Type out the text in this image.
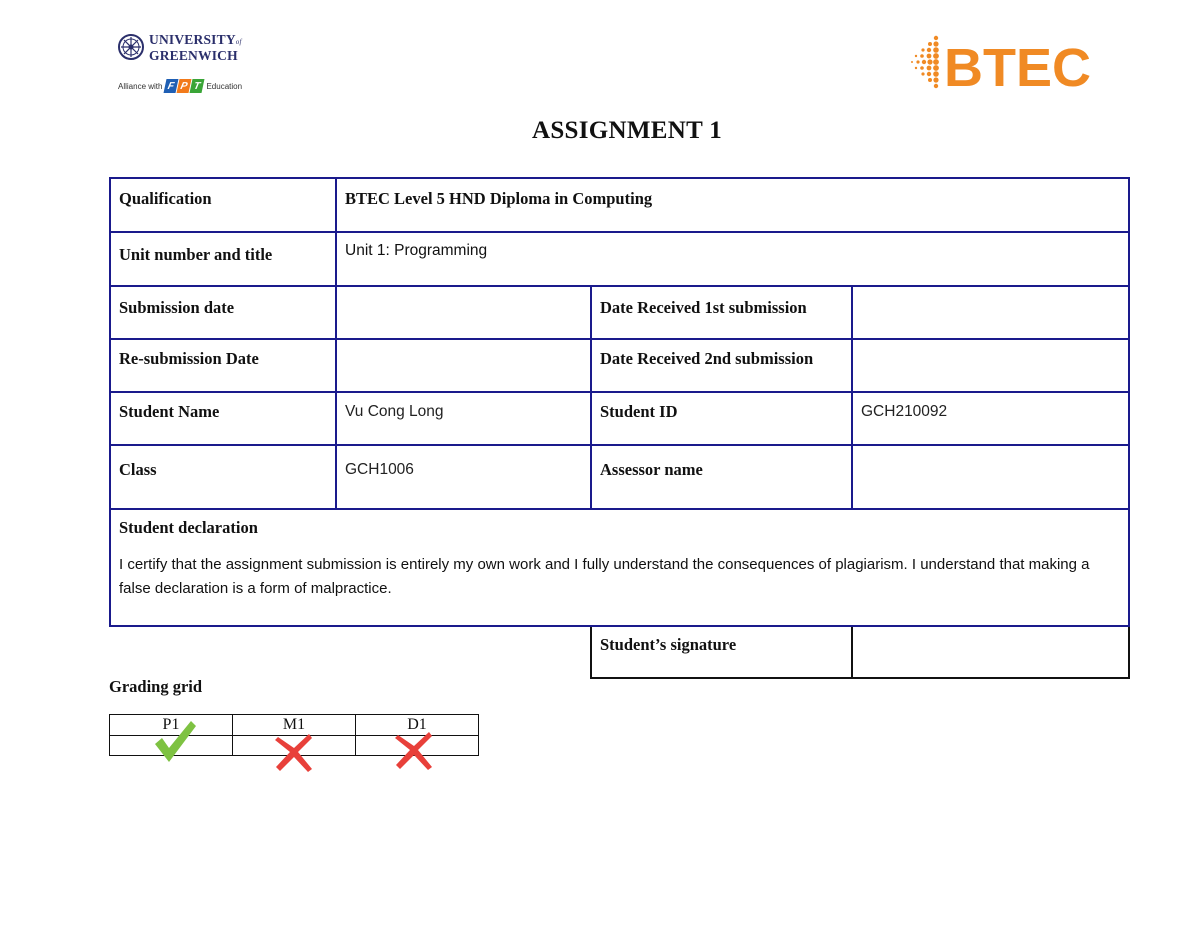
UNIVERSITYof
GREENWICH
Alliance with F P T Education	BTEC
ASSIGNMENT 1
Qualification	BTEC Level 5 HND Diploma in Computing		
Unit number and title	Unit 1: Programming		
Submission date		Date Received 1st submission	
Re-submission Date		Date Received 2nd submission	
Student Name	Vu Cong Long	Student ID	GCH210092
Class	GCH1006	Assessor name	

Student declaration
I certify that the assignment submission is entirely my own work and I fully understand the consequences of plagiarism. I understand that making a false declaration is a form of malpractice.			

		Student’s signature	
Grading grid
P1	M1	D1
